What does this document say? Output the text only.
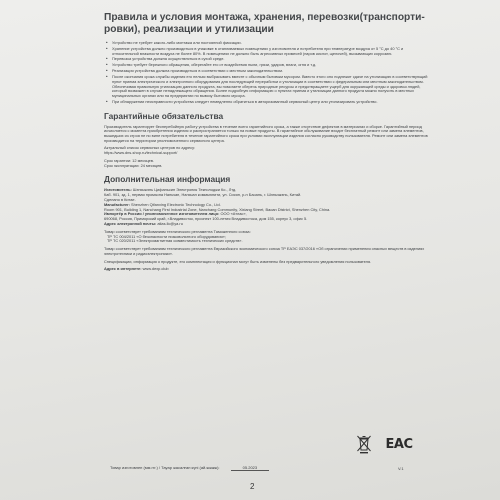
Правила и условия монтажа, хранения, перевозки(транспорти-ровки), реализации и утилизации
• Устройство не требует какого-либо монтажа или постоянной фиксации.
• Хранение устройства должно производиться в упаковке в отапливаемых помещениях у изготовителя и потребителя при температуре воздуха от 5 °С до 40 °С и относительной влажности воздуха не более 80%. В помещениях не должно быть агрессивных примесей (паров кислот, щелочей), вызывающих коррозию.
• Перевозка устройства должна осуществляться в сухой среде.
• Устройство требует бережного обращения, оберегайте его от воздействия пыли, грязи, ударов, влаги, огня и т.д.
• Реализация устройства должна производиться в соответствии с местным законодательством.
• После окончания срока службы изделия его нельзя выбрасывать вместе с обычным бытовым мусором. Вместо этого оно подлежит сдаче на утилизацию в соответствующий пункт приема электрического и электронного оборудования для последующей переработки и утилизации в соответствии с федеральным или местным законодательством. Обеспечивая правильную утилизацию данного продукта, вы помогаете сберечь природные ресурсы и предотвращаете ущерб для окружающей среды и здоровья людей, который возможен в случае ненадлежащего обращения. Более подробную информацию о пунктах приема и утилизации данного продукта можно получить в местных муниципальных органах или на предприятии по вывозу бытового мусора.
• При обнаружении неисправности устройства следует немедленно обратиться в авторизованный сервисный центр или утилизировать устройство.
Гарантийные обязательства
Производитель гарантирует бесперебойную работу устройства в течение всего гарантийного срока, а также отсутствие дефектов в материалах и сборке. Гарантийный период исчисляется с момента приобретения изделия и распространяется только на новые продукты. В гарантийное обслуживание входит бесплатный ремонт или замена элементов, вышедших из строя не по вине потребителя в течение гарантийного срока при условии эксплуатации изделия согласно руководству пользователя. Ремонт или замена элементов производится на территории уполномоченного сервисного центра.
Актуальный список сервисных центров по адресу:
https://www.dns-shop.ru/technical-support/
Срок гарантии: 12 месяцев.
Срок эксплуатации: 24 месяцев.
Дополнительная информация
Изготовитель: Шэньчжэнь Цифаньсин Электроник Текнолоджи Ко., Лтд.
Каб. 901, зд. 1, первая промзона Наньчан, Наньчан коммьюнити, ул. Сисян, р-н Баоань, г. Шэньчжэнь, Китай.
Сделано в Китае.
Manufacturer: Shenzhen Qifanxing Electronic Technology Co., Ltd.
Room 901, Building 1, Nanchang First Industrial Zone, Nanchang Community, Xixiang Street, Baoan District, Shenzhen City, China.
Импортёр в России / уполномоченное изготовителем лицо: ООО «Атлас»,
690068, Россия, Приморский край, г.Владивосток, проспект 100-летия Владивостока, дом 155, корпус 3, офис 5.
Адрес электронной почты: atlas.llc@ya.ru
Товар соответствует требованиям технического регламента Таможенного союза:
ТР ТС 004/2011 «О безопасности низковольтного оборудования»;
ТР ТС 020/2011 «Электромагнитная совместимость технических средств».
Товар соответствует требованиям технического регламента Евразийского экономического союза ТР ЕАЭС 037/2016 «Об ограничении применения опасных веществ в изделиях электротехники и радиоэлектроники».
Спецификации, информация о продукте, его комплектация и функционал могут быть изменены без предварительного уведомления пользователя.
Адрес в интернете: www.dexp.club
EAC
Товар изготовлен (мм.ггг.) / Тауар жасалған күні (ай.жжжж):	05.2023	V.1
2
